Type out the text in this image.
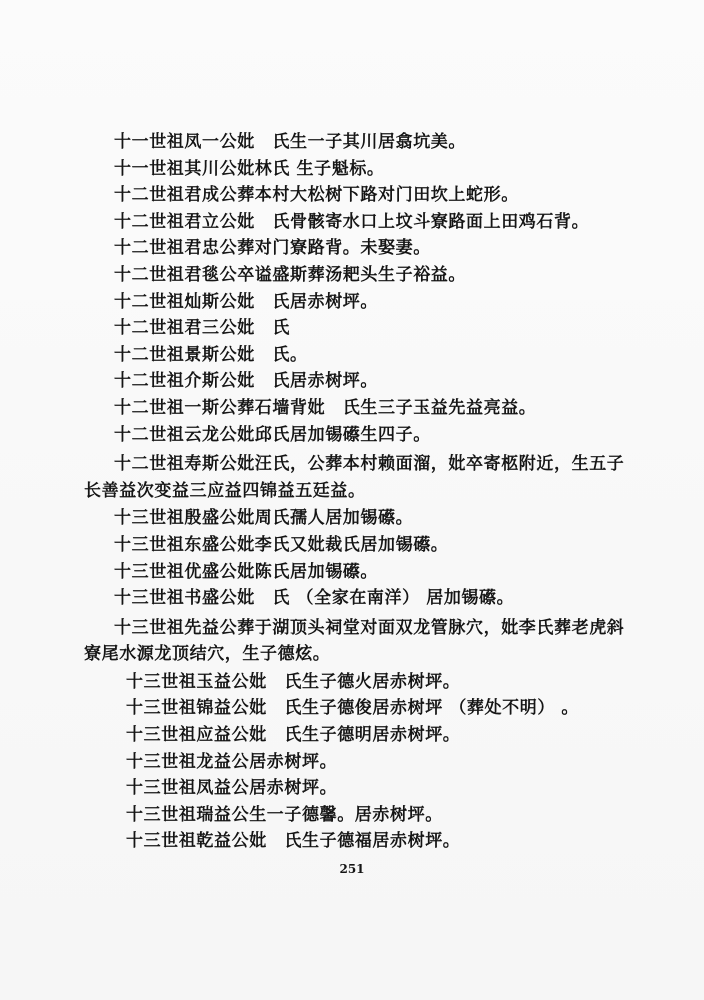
十一世祖凤一公妣　氏生一子其川居翕坑美。
十一世祖其川公妣林氏 生子魁标。
十二世祖君成公葬本村大松树下路对门田坎上蛇形。
十二世祖君立公妣　氏骨骸寄水口上坟斗寮路面上田鸡石背。
十二世祖君忠公葬对门寮路背。未娶妻。
十二世祖君毯公卒谥盛斯葬汤耙头生子裕益。
十二世祖灿斯公妣　氏居赤树坪。
十二世祖君三公妣　氏
十二世祖景斯公妣　氏。
十二世祖介斯公妣　氏居赤树坪。
十二世祖一斯公葬石墙背妣　氏生三子玉益先益亮益。
十二世祖云龙公妣邱氏居加锡礤生四子。
十二世祖寿斯公妣汪氏，公葬本村赖面溜，妣卒寄柩附近，生五子长善益次变益三应益四锦益五廷益。
十三世祖殷盛公妣周氏孺人居加锡礤。
十三世祖东盛公妣李氏又妣裁氏居加锡礤。
十三世祖优盛公妣陈氏居加锡礤。
十三世祖书盛公妣　氏 （全家在南洋） 居加锡礤。
十三世祖先益公葬于湖顶头祠堂对面双龙管脉穴，妣李氏葬老虎斜寮尾水源龙顶结穴，生子德炫。
十三世祖玉益公妣　氏生子德火居赤树坪。
十三世祖锦益公妣　氏生子德俊居赤树坪 （葬处不明） 。
十三世祖应益公妣　氏生子德明居赤树坪。
十三世祖龙益公居赤树坪。
十三世祖凤益公居赤树坪。
十三世祖瑞益公生一子德馨。居赤树坪。
十三世祖乾益公妣　氏生子德福居赤树坪。
251
